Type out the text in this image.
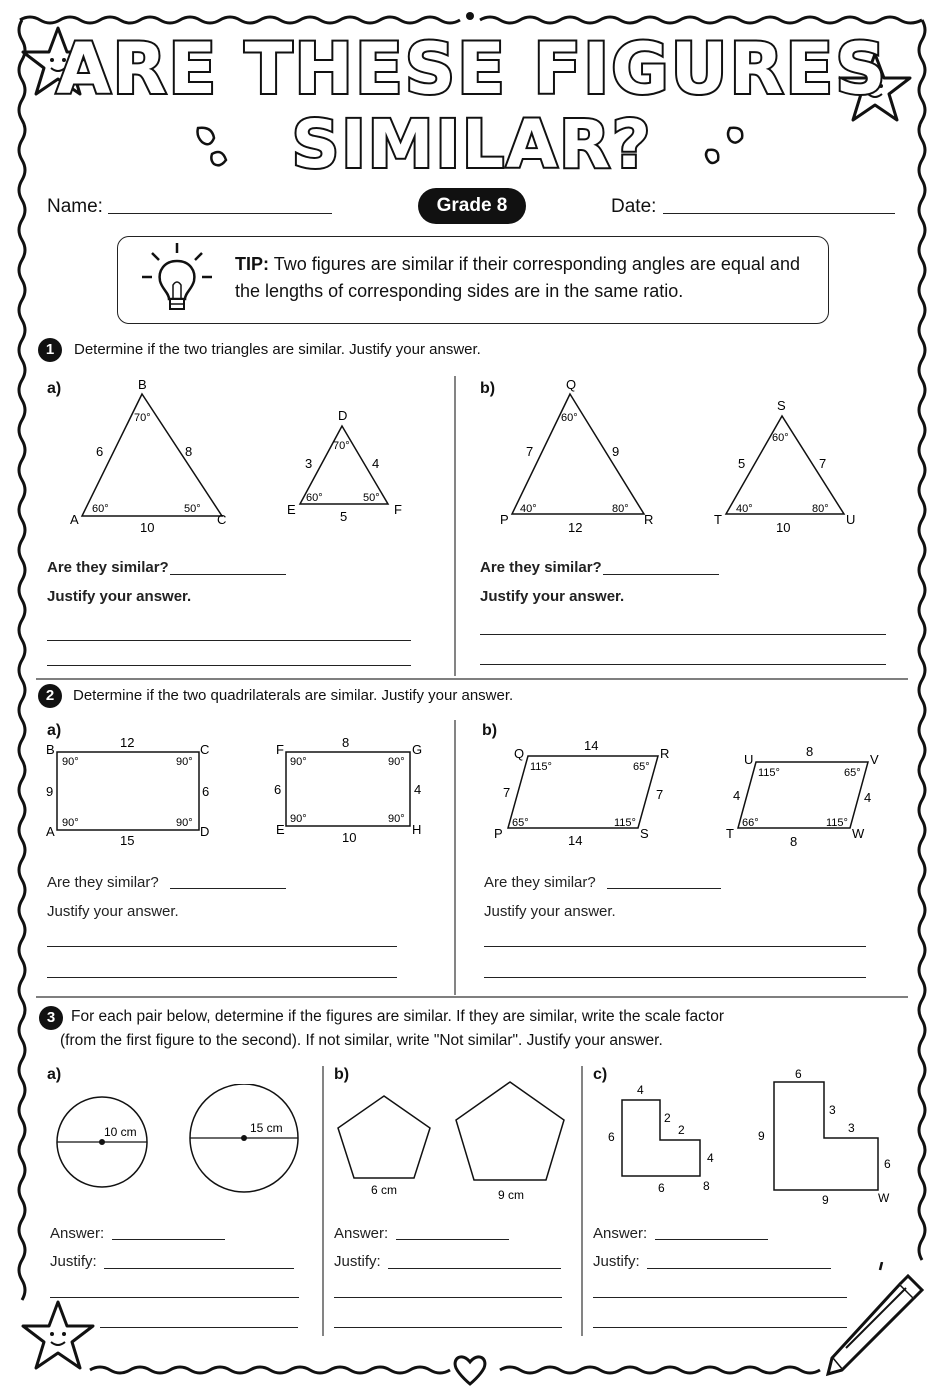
ARE THESE FIGURES
SIMILAR?
Name:	Grade 8	Date:
TIP: Two figures are similar if their corresponding angles are equal and the lengths of corresponding sides are in the same ratio.
1	Determine if the two triangles are similar. Justify your answer.
a)	B
A	C
6	8
10
70°
60°	50°
D
E	F
3	4
5
70°
60°	50°
Are they similar?
Justify your answer.
b)	Q
P	R
7	9
12
60°
40°	80°
S
T	U
5	7
10
60°
40°	80°
Are they similar?
Justify your answer.
2	Determine if the two quadrilaterals are similar. Justify your answer.
a)
B	C
A	D
12
9	6
15
90°	90°
90°	90°
F	G
E	H
8
6	4
10
90°	90°
90°	90°
Are they similar?
Justify your answer.
b)
Q	R
P	S
14
7	7
14
115°	65°
65°	115°
U	V
T	W
8
4	4
8
115°	65°
66°	115°
Are they similar?
Justify your answer.
3	For each pair below, determine if the figures are similar. If they are similar, write the scale factor
(from the first figure to the second). If not similar, write "Not similar". Justify your answer.
a)
10 cm	15 cm
Answer:
Justify:
b)
6 cm	9 cm
Answer:
Justify:
c)
4
2
2
6
4
6	8
6
3
3
9
6
9	W
Answer:
Justify:
